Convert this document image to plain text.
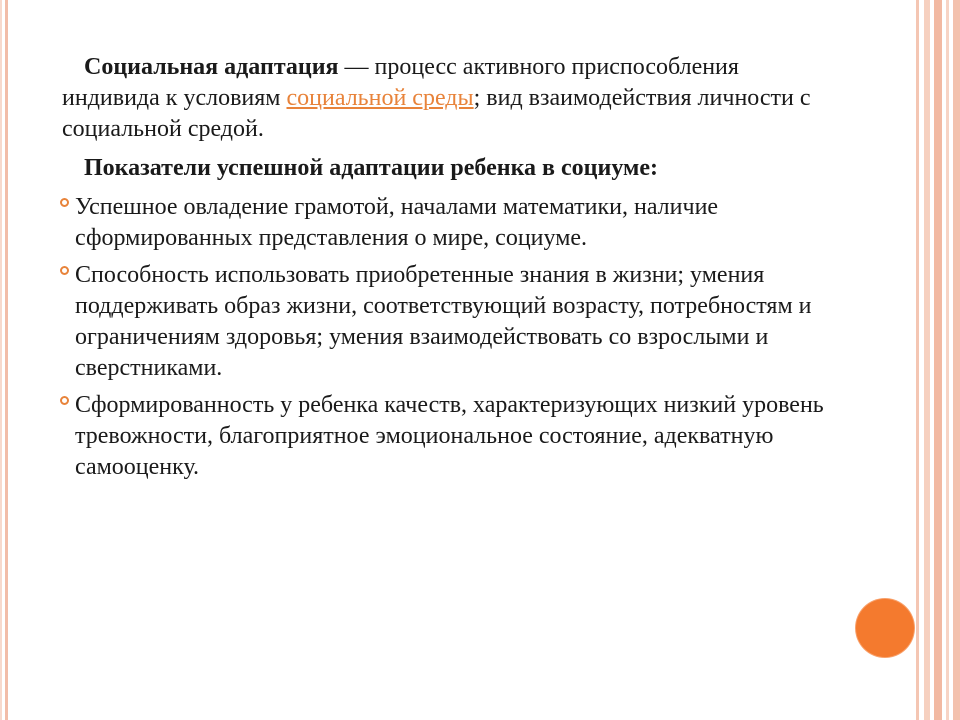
Социальная адаптация — процесс активного приспособления индивида к условиям социальной среды; вид взаимодействия личности с социальной средой.

Показатели успешной адаптации ребенка в социуме:

Успешное овладение грамотой, началами математики, наличие сформированных представления о мире, социуме.
Способность использовать приобретенные знания в жизни; умения поддерживать образ жизни, соответствующий возрасту, потребностям и ограничениям здоровья; умения взаимодействовать со взрослыми и сверстниками.
Сформированность у ребенка качеств, характеризующих низкий уровень тревожности, благоприятное эмоциональное состояние, адекватную самооценку.
